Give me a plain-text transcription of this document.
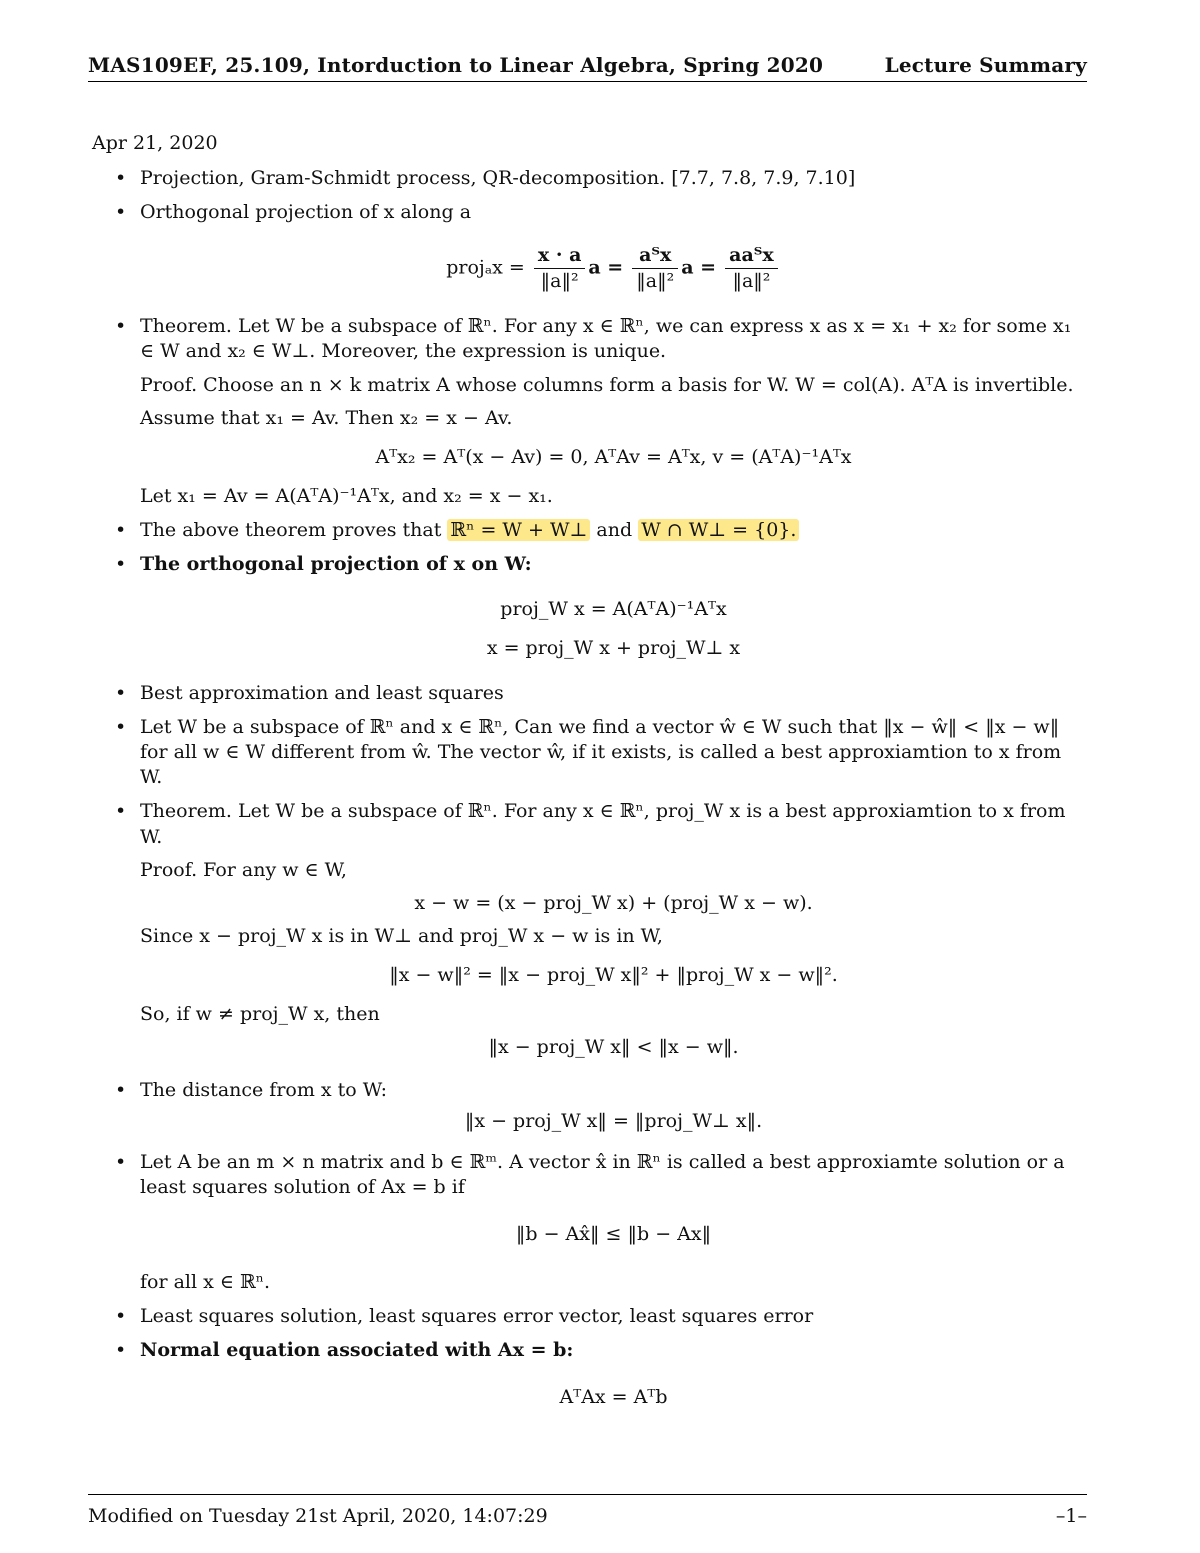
MAS109EF, 25.109, Intorduction to Linear Algebra, Spring 2020	Lecture Summary
Apr 21, 2020
• Projection, Gram-Schmidt process, QR-decomposition. [7.7, 7.8, 7.9, 7.10]
• Orthogonal projection of x along a
projₐx = $\frac{x \cdot a}{\text{‖a‖²}}$ $a = \frac{\text{aᵀx}}{\text{‖a‖²}}$ $a = \frac{\text{aaᵀx}}{\text{‖a‖²}}$
• Theorem. Let W be a subspace of ℝⁿ. For any x ∈ ℝⁿ, we can express x as x = x₁ + x₂ for some x₁ ∈ W and x₂ ∈ W⊥. Moreover, the expression is unique.
Proof. Choose an n × k matrix A whose columns form a basis for W. W = col(A). AᵀA is invertible.
Assume that x₁ = Av. Then x₂ = x − Av.
Aᵀx₂ = Aᵀ(x − Av) = 0, AᵀAv = Aᵀx, v = (AᵀA)⁻¹Aᵀx
Let x₁ = Av = A(AᵀA)⁻¹Aᵀx, and x₂ = x − x₁.
• The above theorem proves that ℝⁿ = W + W⊥ and W ∩ W⊥ = {0}.
• The orthogonal projection of x on W:
proj_W x = A(AᵀA)⁻¹Aᵀx
x = proj_W x + proj_W⊥ x
• Best approximation and least squares
• Let W be a subspace of ℝⁿ and x ∈ ℝⁿ, Can we find a vector ŵ ∈ W such that ‖x − ŵ‖ < ‖x − w‖ for all w ∈ W different from ŵ. The vector ŵ, if it exists, is called a best approxiamtion to x from W.
• Theorem. Let W be a subspace of ℝⁿ. For any x ∈ ℝⁿ, proj_W x is a best approxiamtion to x from W.
Proof. For any w ∈ W,
x − w = (x − proj_W x) + (proj_W x − w).
Since x − proj_W x is in W⊥ and proj_W x − w is in W,
‖x − w‖² = ‖x − proj_W x‖² + ‖proj_W x − w‖².
So, if w ≠ proj_W x, then
‖x − proj_W x‖ < ‖x − w‖.
• The distance from x to W:
‖x − proj_W x‖ = ‖proj_W⊥ x‖.
• Let A be an m × n matrix and b ∈ ℝᵐ. A vector x̂ in ℝⁿ is called a best approxiamte solution or a least squares solution of Ax = b if
‖b − Ax̂‖ ≤ ‖b − Ax‖
for all x ∈ ℝⁿ.
• Least squares solution, least squares error vector, least squares error
• Normal equation associated with Ax = b:
AᵀAx = Aᵀb
Modified on Tuesday 21st April, 2020, 14:07:29	–1–
